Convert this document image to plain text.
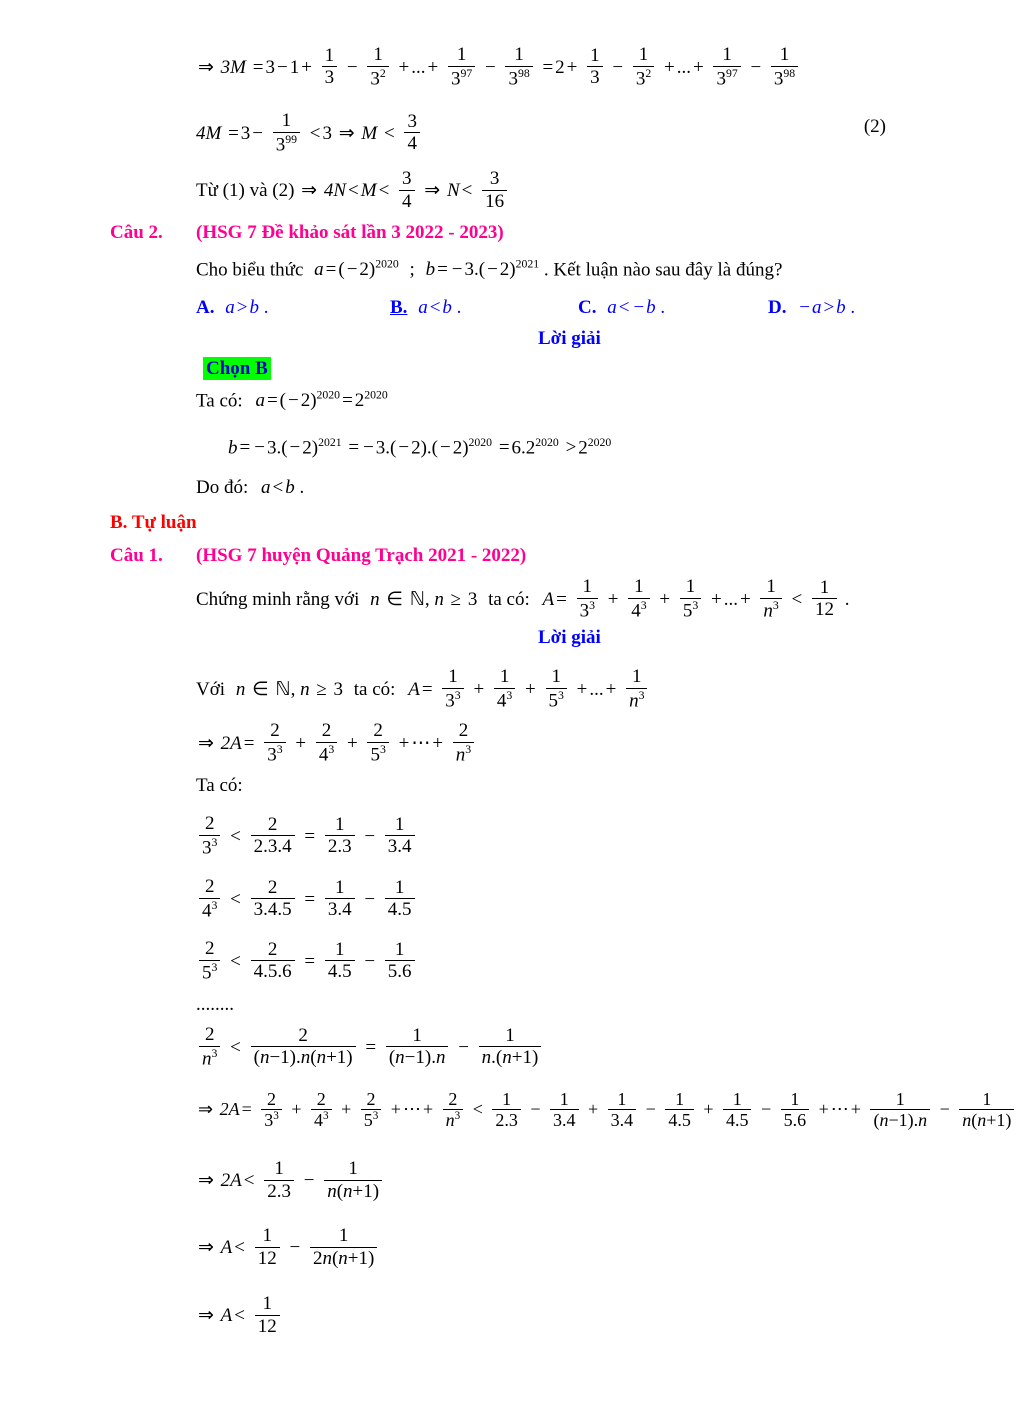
⇒ $3M = 3 - 1 + \frac{1}{3} - \frac{1}{3^2}$ + ... + $\frac{1}{3^{97}} - \frac{1}{3^{98}} = 2 + \frac{1}{3} - \frac{1}{3^2}$ + ... + $\frac{1}{3^{97}} - \frac{1}{3^{98}}$
$4M = 3 - \frac{1}{3^{99}} < 3$ ⇒ $M < \frac{3}{4}$	(2)
Từ (1) và (2) ⇒ $4N < M < \frac{3}{4}$ ⇒ $N < \frac{3}{16}$
Câu 2. (HSG 7 Đề khảo sát lần 3 2022 - 2023)
Cho biểu thức a = ( − 2)$^{2020}$ ; b = − $3.( - 2)^{2021}$ . Kết luận nào sau đây là đúng?
A. a > b .	B. a < b .	C. a < − b .	D. − a > b .
Lời giải
Chọn B
Ta có: a = ( − $2)^{2020} = 2^{2020}$
b = − $3.( - 2)^{2021}$ = − $3.( - 2).( - 2)^{2020} = 6.2^{2020} > 2^{2020}$
Do đó: a < b .
B. Tự luận
Câu 1. (HSG 7 huyện Quảng Trạch 2021 - 2022)
Chứng minh rằng với n ∈ ℕ, n ≥ 3 ta có: $A = \frac{1}{3^3} + \frac{1}{4^3} + \frac{1}{5^3}$ + ... + $\frac{1}{n^3} < \frac{1}{12}$ .
Lời giải
Với n ∈ ℕ, n ≥ 3 ta có: $A = \frac{1}{3^3} + \frac{1}{4^3} + \frac{1}{5^3}$ + ... + $\frac{1}{n^3}$
⇒ $2A = \frac{2}{3^3} + \frac{2}{4^3} + \frac{2}{5^3}$ + ⋯ + $\frac{2}{n^3}$
Ta có:
$\frac{2}{3^3} < \frac{2}{2.3.4} = \frac{1}{2.3} - \frac{1}{3.4}$
$\frac{2}{4^3} < \frac{2}{3.4.5} = \frac{1}{3.4} - \frac{1}{4.5}$
$\frac{2}{5^3} < \frac{2}{4.5.6} = \frac{1}{4.5} - \frac{1}{5.6}$
........
$\frac{2}{n^3} < \frac{2}{(n-1).n(n+1)} = \frac{1}{(n-1).n} - \frac{1}{n.(n+1)}$
⇒ $2A = \frac{2}{3^3} + \frac{2}{4^3} + \frac{2}{5^3}$ + ⋯ + $\frac{2}{n^3} < \frac{1}{2.3} - \frac{1}{3.4} + \frac{1}{3.4} - \frac{1}{4.5} + \frac{1}{4.5} - \frac{1}{5.6}$ + ⋯ + $\frac{1}{(n-1).n} - \frac{1}{n(n+1)}$
⇒ $2A < \frac{1}{2.3} - \frac{1}{n(n+1)}$
⇒ $A < \frac{1}{12} - \frac{1}{2n(n+1)}$
⇒ $A < \frac{1}{12}$
